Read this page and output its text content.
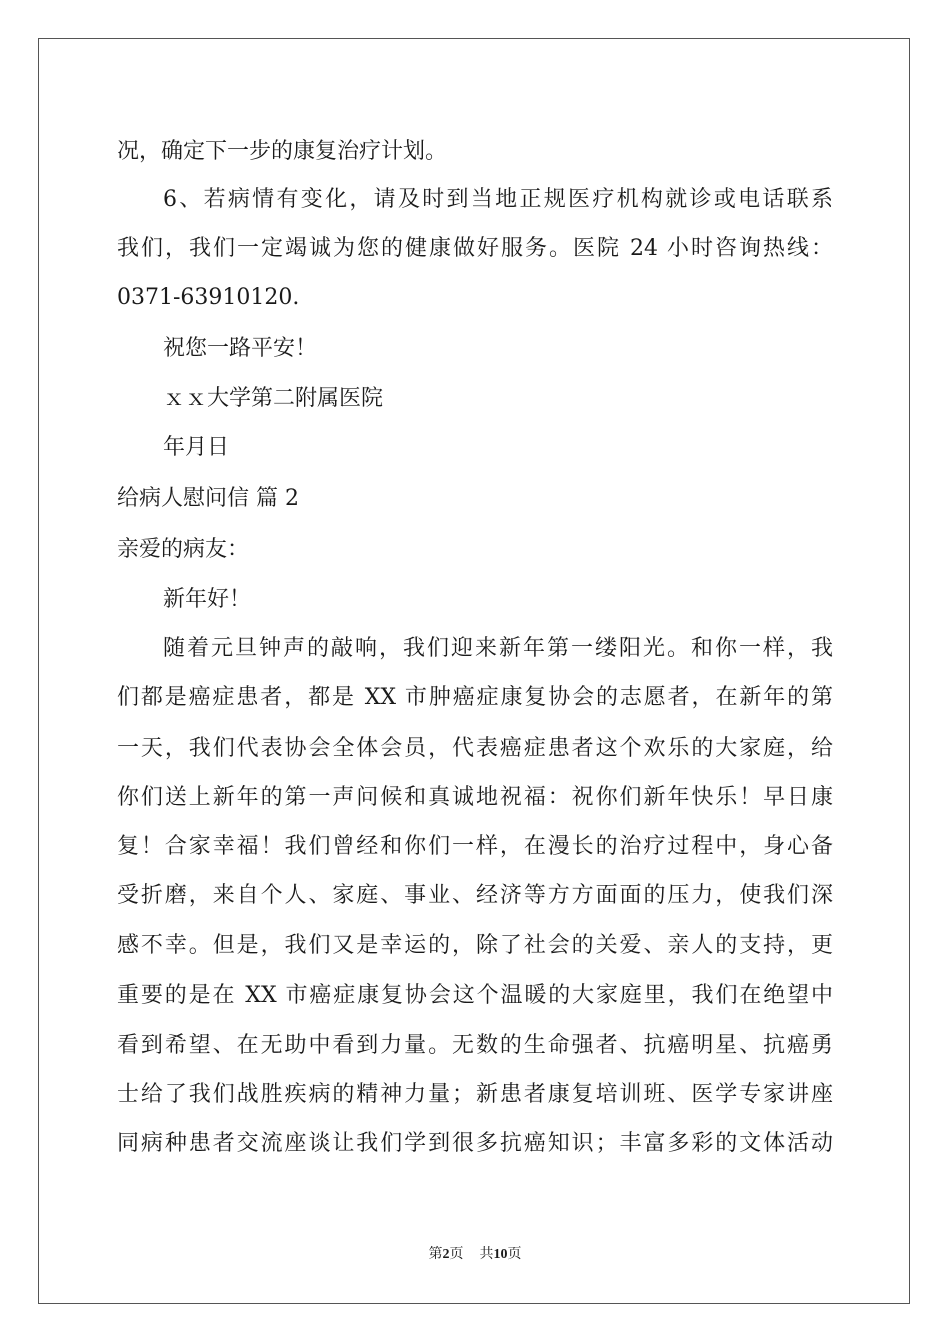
况，确定下一步的康复治疗计划。
6、若病情有变化，请及时到当地正规医疗机构就诊或电话联系
我们，我们一定竭诚为您的健康做好服务。医院 24 小时咨询热线：
0371-63910120.
祝您一路平安！
ｘｘ大学第二附属医院
年月日
给病人慰问信 篇 2
亲爱的病友：
新年好！
随着元旦钟声的敲响，我们迎来新年第一缕阳光。和你一样，我
们都是癌症患者，都是 XX 市肿癌症康复协会的志愿者，在新年的第
一天，我们代表协会全体会员，代表癌症患者这个欢乐的大家庭，给
你们送上新年的第一声问候和真诚地祝福：祝你们新年快乐！早日康
复！合家幸福！我们曾经和你们一样，在漫长的治疗过程中，身心备
受折磨，来自个人、家庭、事业、经济等方方面面的压力，使我们深
感不幸。但是，我们又是幸运的，除了社会的关爱、亲人的支持，更
重要的是在 XX 市癌症康复协会这个温暖的大家庭里，我们在绝望中
看到希望、在无助中看到力量。无数的生命强者、抗癌明星、抗癌勇
士给了我们战胜疾病的精神力量；新患者康复培训班、医学专家讲座
同病种患者交流座谈让我们学到很多抗癌知识；丰富多彩的文体活动
第2页 共10页
